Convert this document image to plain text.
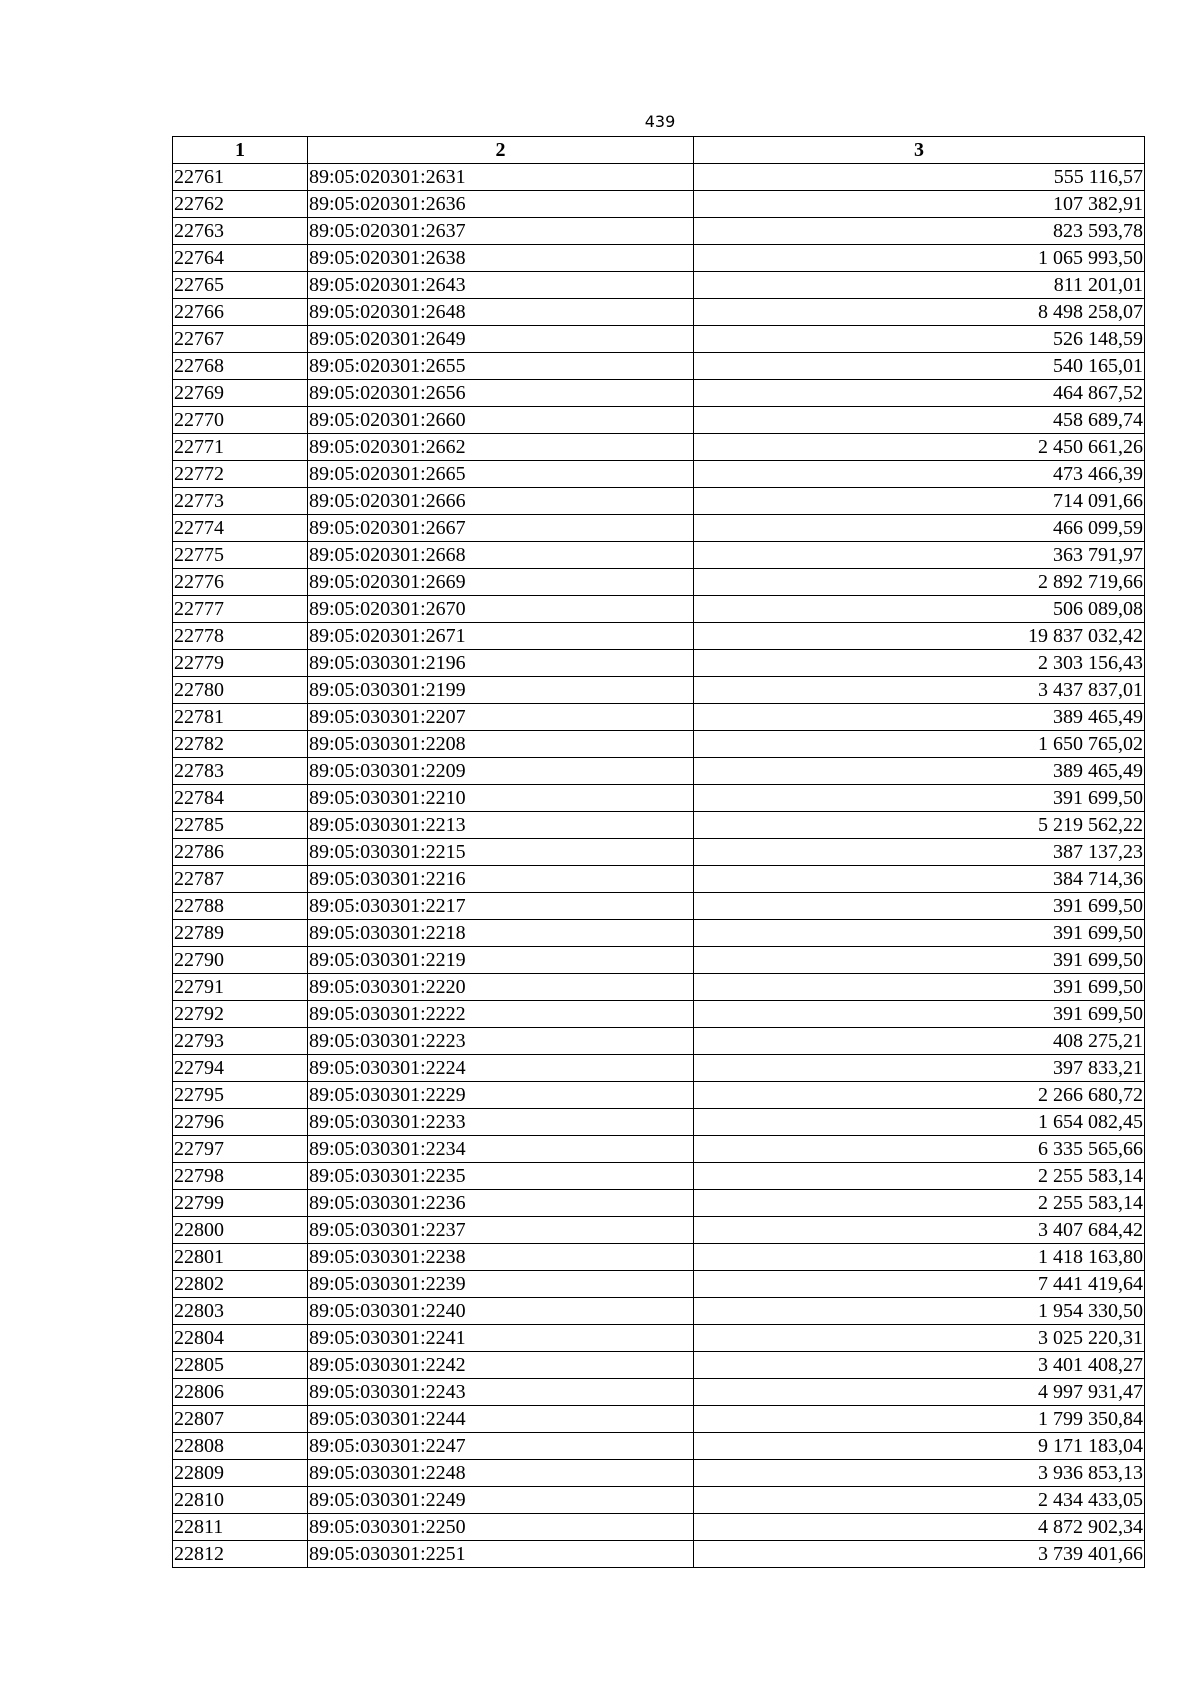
439
1	2	3
22761	89:05:020301:2631	555 116,57
22762	89:05:020301:2636	107 382,91
22763	89:05:020301:2637	823 593,78
22764	89:05:020301:2638	1 065 993,50
22765	89:05:020301:2643	811 201,01
22766	89:05:020301:2648	8 498 258,07
22767	89:05:020301:2649	526 148,59
22768	89:05:020301:2655	540 165,01
22769	89:05:020301:2656	464 867,52
22770	89:05:020301:2660	458 689,74
22771	89:05:020301:2662	2 450 661,26
22772	89:05:020301:2665	473 466,39
22773	89:05:020301:2666	714 091,66
22774	89:05:020301:2667	466 099,59
22775	89:05:020301:2668	363 791,97
22776	89:05:020301:2669	2 892 719,66
22777	89:05:020301:2670	506 089,08
22778	89:05:020301:2671	19 837 032,42
22779	89:05:030301:2196	2 303 156,43
22780	89:05:030301:2199	3 437 837,01
22781	89:05:030301:2207	389 465,49
22782	89:05:030301:2208	1 650 765,02
22783	89:05:030301:2209	389 465,49
22784	89:05:030301:2210	391 699,50
22785	89:05:030301:2213	5 219 562,22
22786	89:05:030301:2215	387 137,23
22787	89:05:030301:2216	384 714,36
22788	89:05:030301:2217	391 699,50
22789	89:05:030301:2218	391 699,50
22790	89:05:030301:2219	391 699,50
22791	89:05:030301:2220	391 699,50
22792	89:05:030301:2222	391 699,50
22793	89:05:030301:2223	408 275,21
22794	89:05:030301:2224	397 833,21
22795	89:05:030301:2229	2 266 680,72
22796	89:05:030301:2233	1 654 082,45
22797	89:05:030301:2234	6 335 565,66
22798	89:05:030301:2235	2 255 583,14
22799	89:05:030301:2236	2 255 583,14
22800	89:05:030301:2237	3 407 684,42
22801	89:05:030301:2238	1 418 163,80
22802	89:05:030301:2239	7 441 419,64
22803	89:05:030301:2240	1 954 330,50
22804	89:05:030301:2241	3 025 220,31
22805	89:05:030301:2242	3 401 408,27
22806	89:05:030301:2243	4 997 931,47
22807	89:05:030301:2244	1 799 350,84
22808	89:05:030301:2247	9 171 183,04
22809	89:05:030301:2248	3 936 853,13
22810	89:05:030301:2249	2 434 433,05
22811	89:05:030301:2250	4 872 902,34
22812	89:05:030301:2251	3 739 401,66
